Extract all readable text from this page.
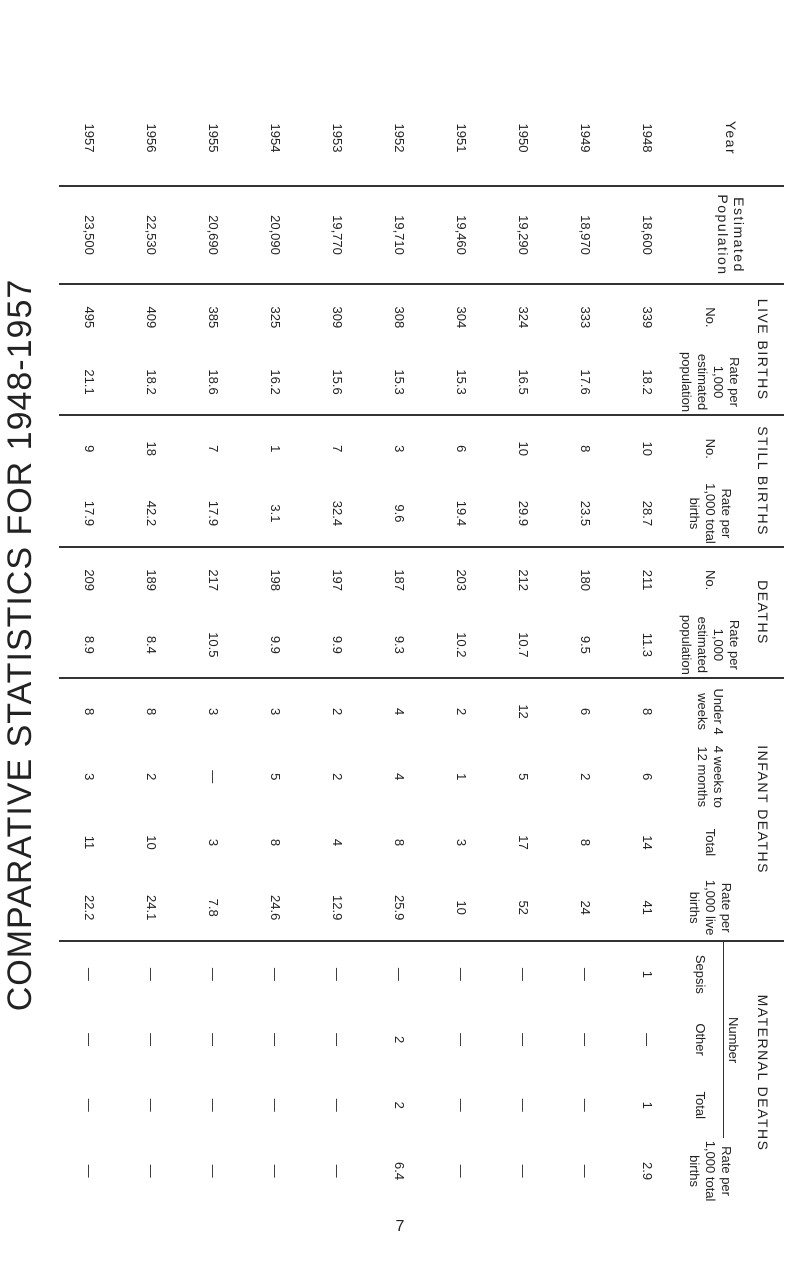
COMPARATIVE STATISTICS FOR 1948-1957
Year	Estimated Population	LIVE BIRTHS		STILL BIRTHS		DEATHS		INFANT DEATHS				MATERNAL DEATHS			
		No.	Rate per 1,000 estimated population	No.	Rate per 1,000 total births	No.	Rate per 1,000 estimated population	Under 4 weeks	4 weeks to 12 months	Total	Rate per 1,000 live births	Number			Rate per 1,000 total births
												Sepsis	Other	Total	
1948	18,600	339	18.2	10	28.7	211	11.3	8	6	14	41	1	—	1	2.9
1949	18,970	333	17.6	8	23.5	180	9.5	6	2	8	24	—	—	—	—
1950	19,290	324	16.5	10	29.9	212	10.7	12	5	17	52	—	—	—	—
1951	19,460	304	15.3	6	19.4	203	10.2	2	1	3	10	—	—	—	—
1952	19,710	308	15.3	3	9.6	187	9.3	4	4	8	25.9	—	2	2	6.4
1953	19,770	309	15.6	7	32.4	197	9.9	2	2	4	12.9	—	—	—	—
1954	20,090	325	16.2	1	3.1	198	9.9	3	5	8	24.6	—	—	—	—
1955	20,690	385	18.6	7	17.9	217	10.5	3	—	3	7.8	—	—	—	—
1956	22,530	409	18.2	18	42.2	189	8.4	8	2	10	24.1	—	—	—	—
1957	23,500	495	21.1	9	17.9	209	8.9	8	3	11	22.2	—	—	—	—
7
